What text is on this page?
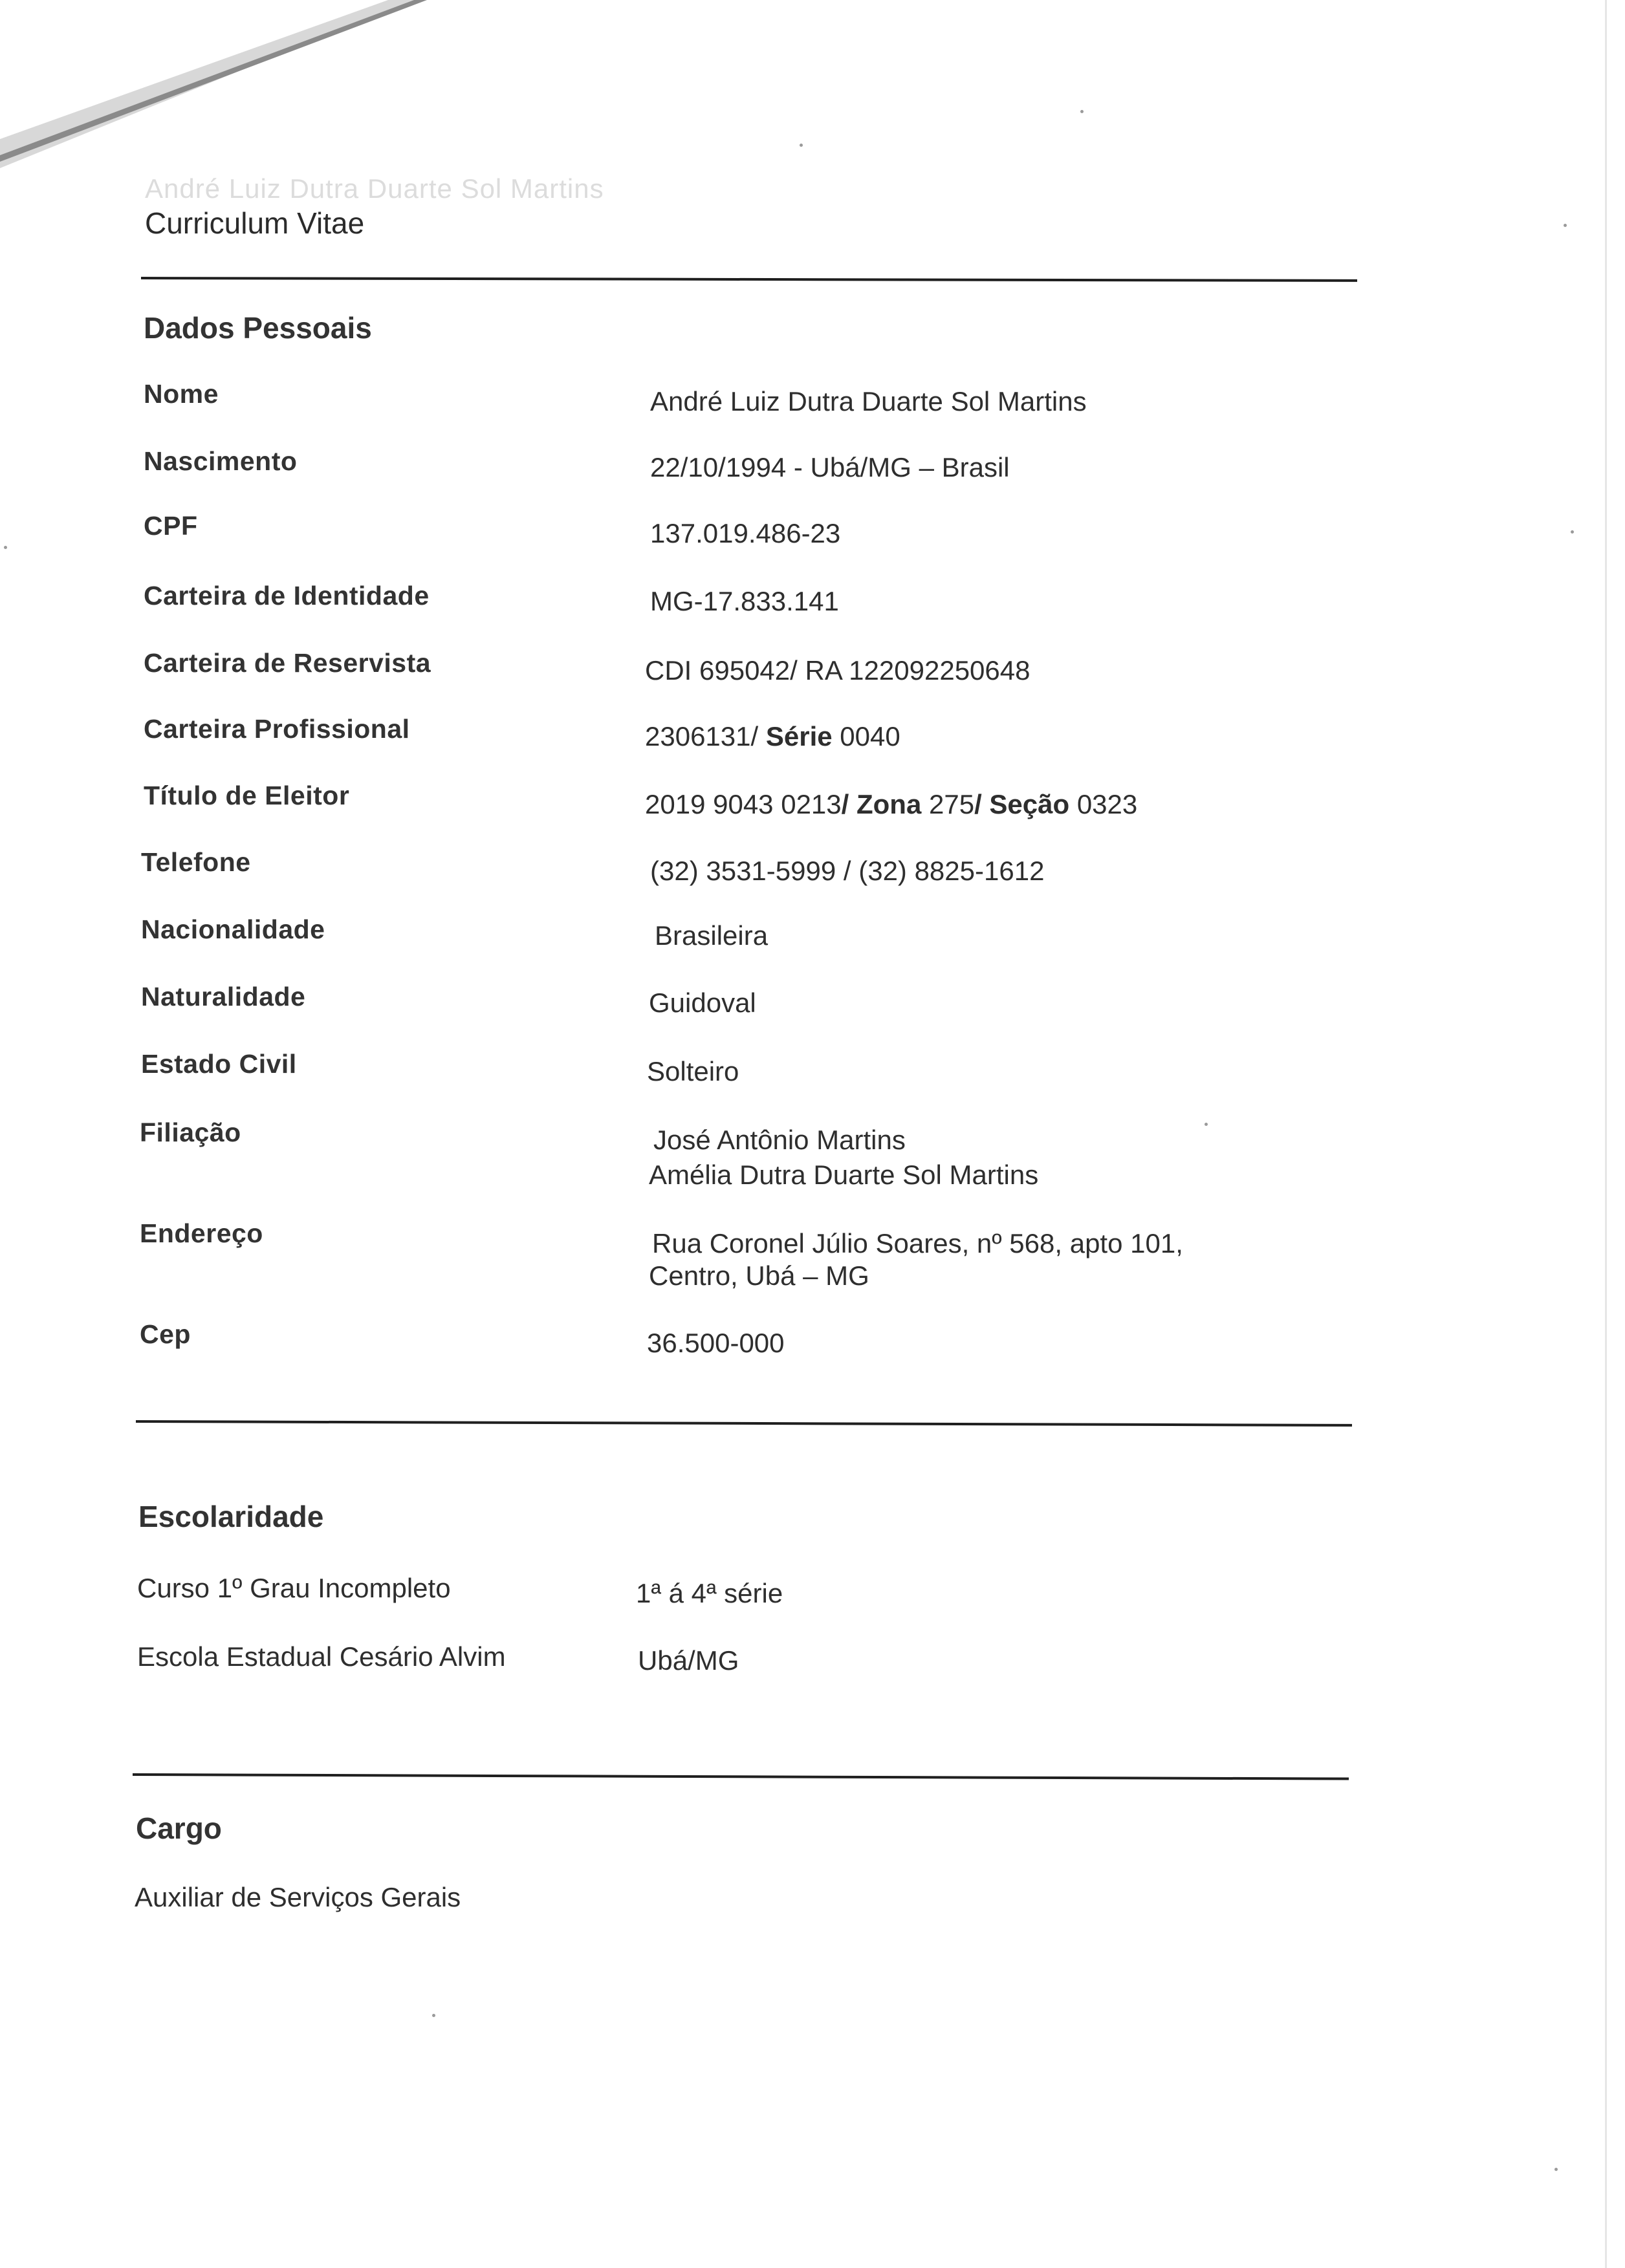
André Luiz Dutra Duarte Sol Martins
Curriculum Vitae
Dados Pessoais
Nome	André Luiz Dutra Duarte Sol Martins
Nascimento	22/10/1994 - Ubá/MG – Brasil
CPF	137.019.486-23
Carteira de Identidade	MG-17.833.141
Carteira de Reservista	CDI 695042/ RA 122092250648
Carteira Profissional	2306131/ Série 0040
Título de Eleitor	2019 9043 0213/ Zona 275/ Seção 0323
Telefone	(32) 3531-5999 / (32) 8825-1612
Nacionalidade	Brasileira
Naturalidade	Guidoval
Estado Civil	Solteiro
Filiação	José Antônio Martins
Amélia Dutra Duarte Sol Martins
Endereço	Rua Coronel Júlio Soares, nº 568, apto 101,
Centro, Ubá – MG
Cep	36.500-000
Escolaridade
Curso 1º Grau Incompleto	1ª á 4ª série
Escola Estadual Cesário Alvim	Ubá/MG
Cargo
Auxiliar de Serviços Gerais
